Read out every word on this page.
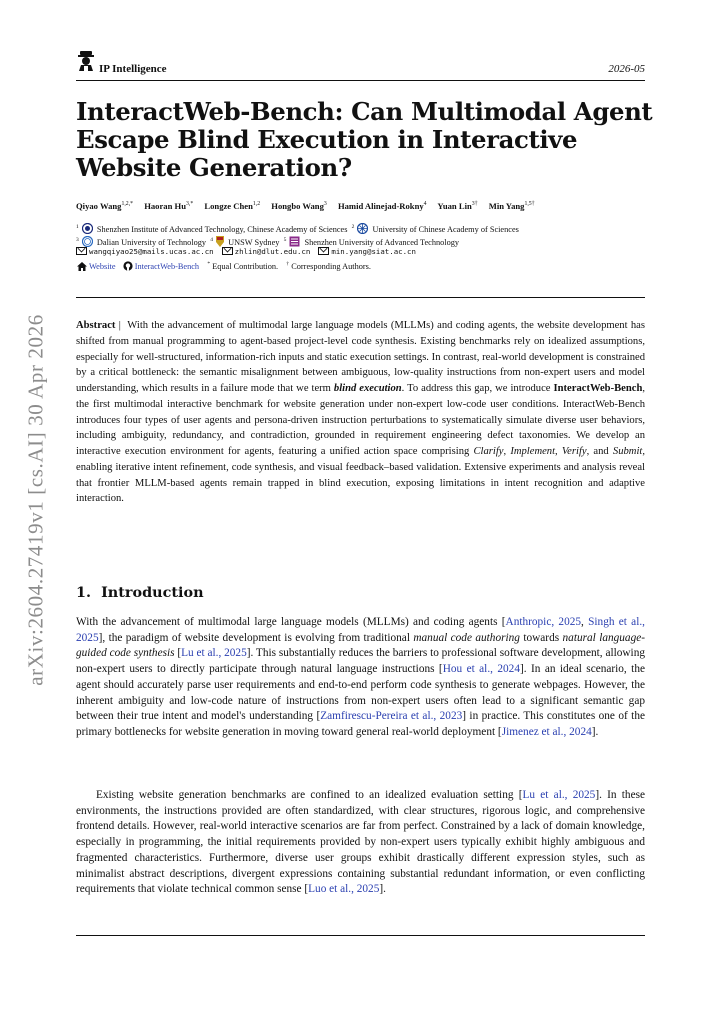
arXiv:2604.27419v1 [cs.AI] 30 Apr 2026
IP Intelligence	2026-05
InteractWeb-Bench: Can Multimodal Agent Escape Blind Execution in Interactive Website Generation?
Qiyao Wang$^{1,2,*}$ Haoran $Hu^{3,*}$ Longze Chen$^{1,2}$ Hongbo Wang$^3$ Hamid Alinejad-Rokny$^4$ Yuan Lin$^{3\dagger}$ Min Yang$^{1,5\dagger}$
$^1$ Shenzhen Institute of Advanced Technology, Chinese Academy of Sciences $^2$ University of Chinese Academy of Sciences
$^3$ Dalian University of Technology $^4$ UNSW Sydney $^5$ Shenzhen University of Advanced Technology
wangqiyao25@mails.ucas.ac.cn	zhlin@dlut.edu.cn	min.yang@siat.ac.cn
Website InteractWeb-Bench * Equal Contribution. † Corresponding Authors.

Abstract | With the advancement of multimodal large language models (MLLMs) and coding agents, the website development has shifted from manual programming to agent-based project-level code synthesis. Existing benchmarks rely on idealized assumptions, especially for well-structured, information-rich inputs and static execution settings. In contrast, real-world development is constrained by a critical bottleneck: the semantic misalignment between ambiguous, low-quality instructions from non-expert users and model understanding, which results in a failure mode that we term blind execution. To address this gap, we introduce InteractWeb-Bench, the first multimodal interactive benchmark for website generation under non-expert low-code user conditions. InteractWeb-Bench introduces four types of user agents and persona-driven instruction perturbations to systematically simulate diverse user behaviors, including ambiguity, redundancy, and contradiction, grounded in requirement engineering defect taxonomies. We develop an interactive execution environment for agents, featuring a unified action space comprising Clarify, Implement, Verify, and Submit, enabling iterative intent refinement, code synthesis, and visual feedback–based validation. Extensive experiments and analysis reveal that frontier MLLM-based agents remain trapped in blind execution, exposing limitations in intent recognition and adaptive interaction.

1. Introduction

With the advancement of multimodal large language models (MLLMs) and coding agents [Anthropic, 2025, Singh et al., 2025], the paradigm of website development is evolving from traditional manual code authoring towards natural language-guided code synthesis [Lu et al., 2025]. This substantially reduces the barriers to professional software development, allowing non-expert users to directly participate through natural language instructions [Hou et al., 2024]. In an ideal scenario, the agent should accurately parse user requirements and end-to-end perform code synthesis to generate webpages. However, the inherent ambiguity and low-code nature of instructions from non-expert users often lead to a significant semantic gap between their true intent and model's understanding [Zamfirescu-Pereira et al., 2023] in practice. This constitutes one of the primary bottlenecks for website generation in moving toward general real-world deployment [Jimenez et al., 2024].

Existing website generation benchmarks are confined to an idealized evaluation setting [Lu et al., 2025]. In these environments, the instructions provided are often standardized, with clear structures, rigorous logic, and comprehensive frontend details. However, real-world interactive scenarios are far from perfect. Constrained by a lack of domain knowledge, especially in programming, the initial requirements provided by non-expert users typically exhibit highly ambiguous and fragmented characteristics. Furthermore, diverse user groups exhibit drastically different expression styles, such as minimalist abstract descriptions, divergent expressions containing substantial redundant information, or even conflicting requirements that violate technical common sense [Luo et al., 2025].
